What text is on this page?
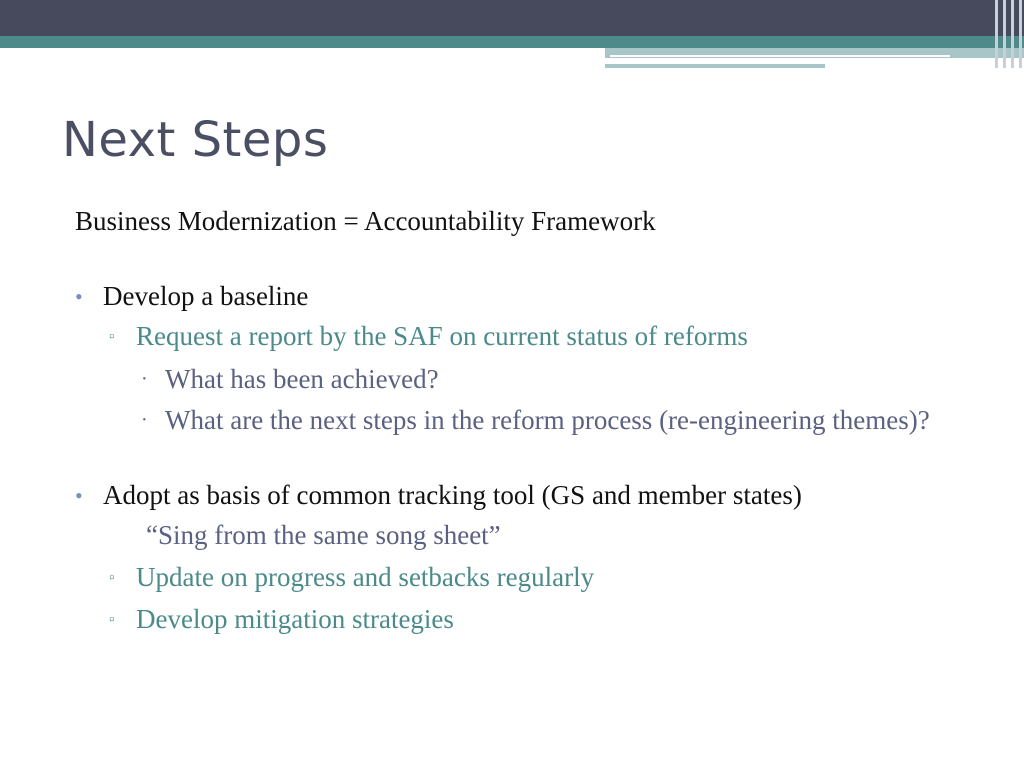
Next Steps

Business Modernization = Accountability Framework

• Develop a baseline

▫ Request a report by the SAF on current status of reforms

· What has been achieved?

· What are the next steps in the reform process (re-engineering themes)?

• Adopt as basis of common tracking tool (GS and member states)

“Sing from the same song sheet”

▫ Update on progress and setbacks regularly

▫ Develop mitigation strategies
